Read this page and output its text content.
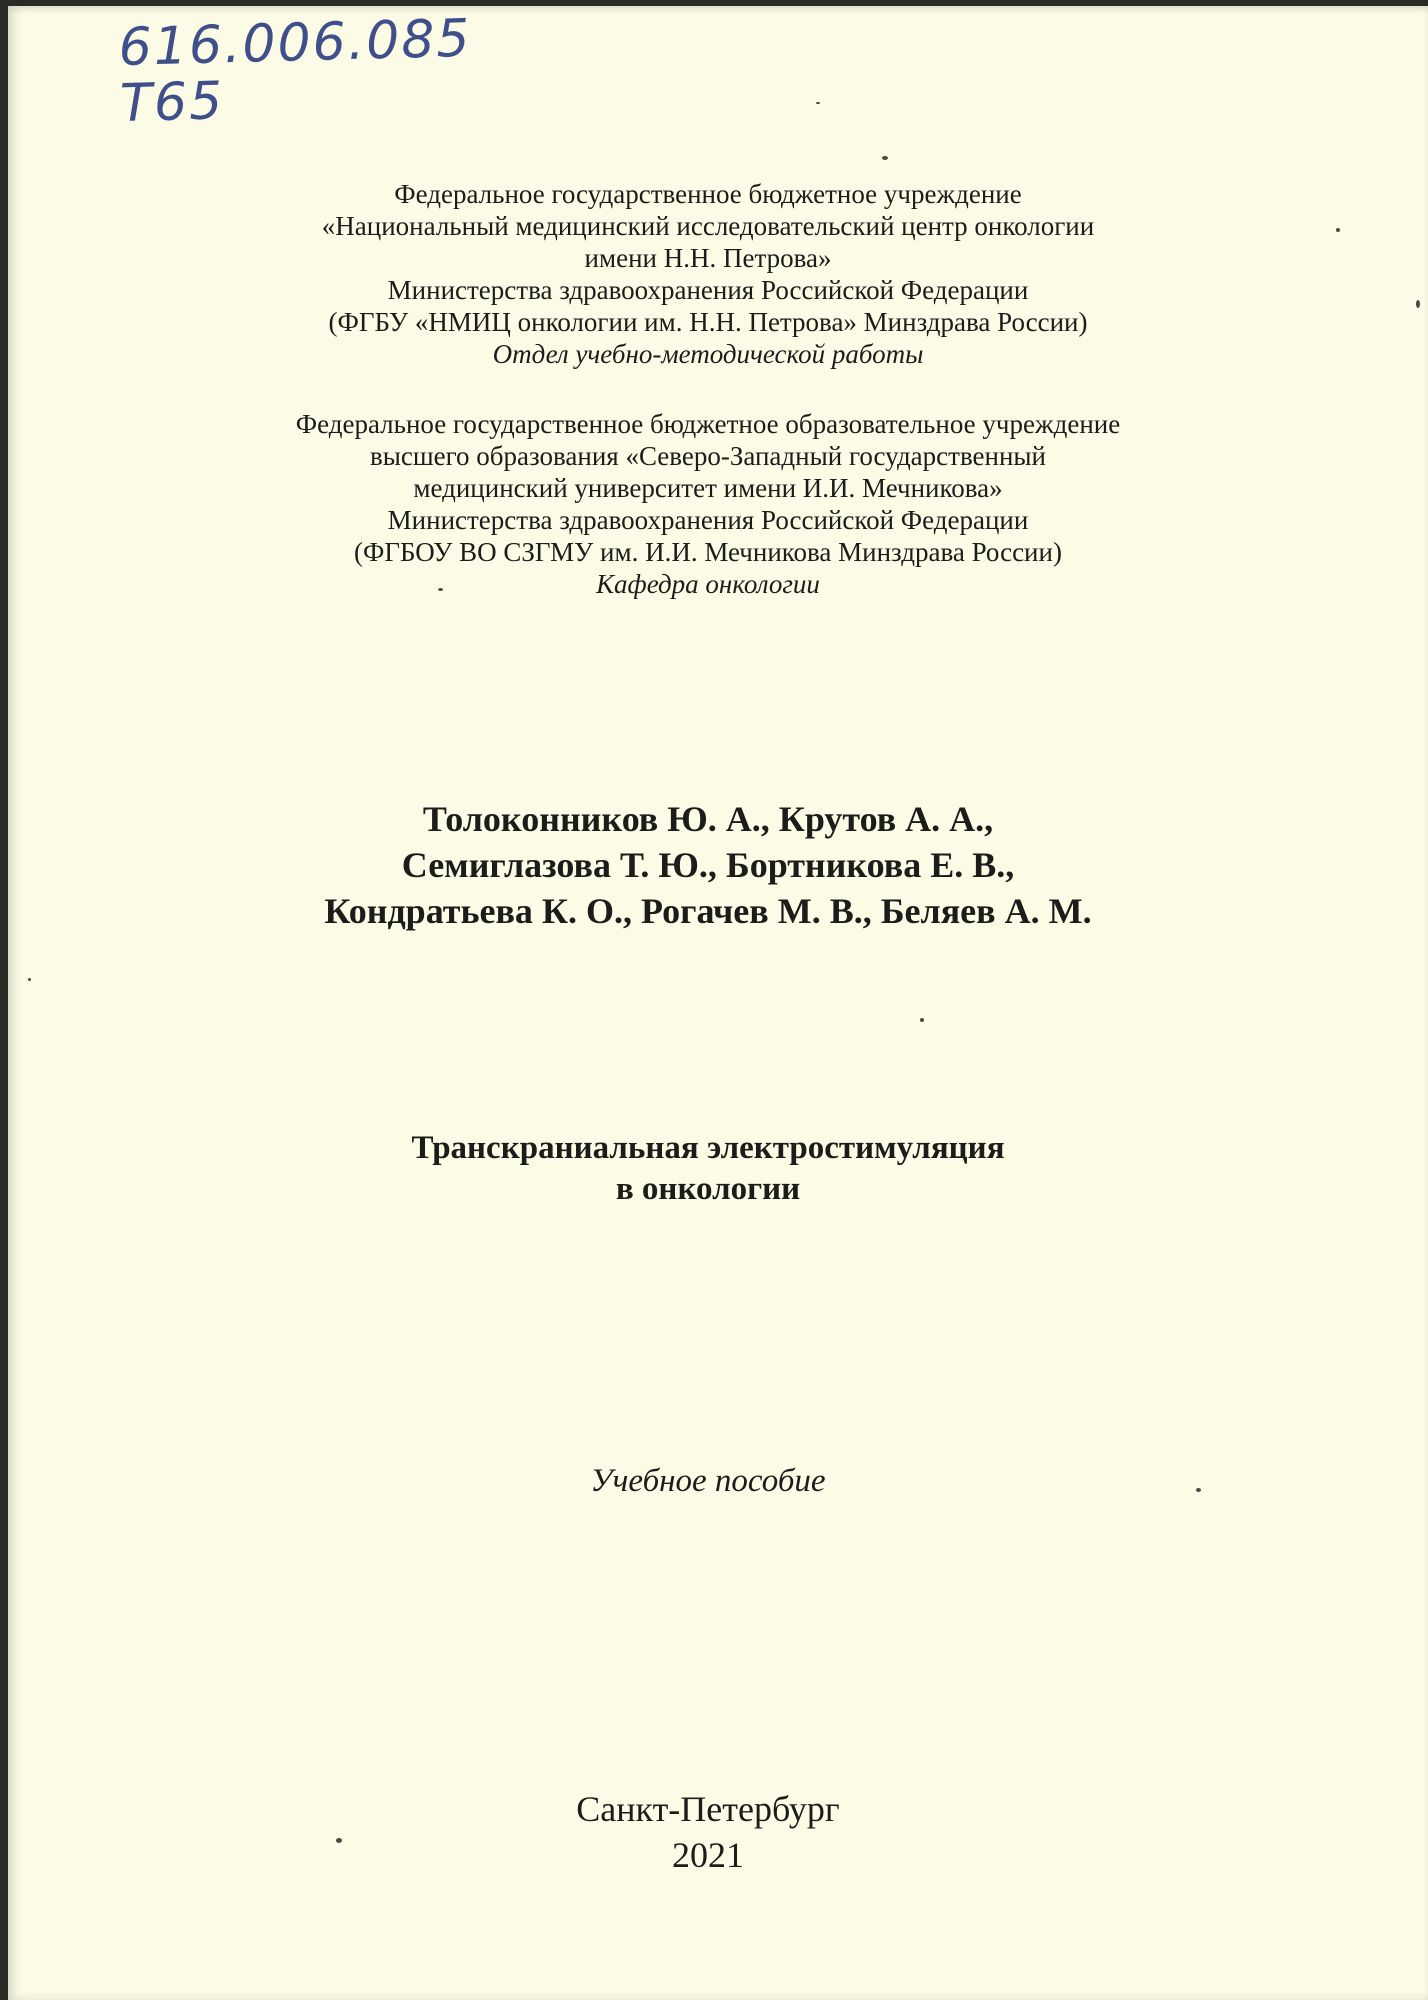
616.006.085
Т65
Федеральное государственное бюджетное учреждение
«Национальный медицинский исследовательский центр онкологии
имени Н.Н. Петрова»
Министерства здравоохранения Российской Федерации
(ФГБУ «НМИЦ онкологии им. Н.Н. Петрова» Минздрава России)
Отдел учебно-методической работы
Федеральное государственное бюджетное образовательное учреждение
высшего образования «Северо-Западный государственный
медицинский университет имени И.И. Мечникова»
Министерства здравоохранения Российской Федерации
(ФГБОУ ВО СЗГМУ им. И.И. Мечникова Минздрава России)
Кафедра онкологии
Толоконников Ю. А., Крутов А. А.,
Семиглазова Т. Ю., Бортникова Е. В.,
Кондратьева К. О., Рогачев М. В., Беляев А. М.
Транскраниальная электростимуляция
в онкологии
Учебное пособие
Санкт-Петербург
2021
